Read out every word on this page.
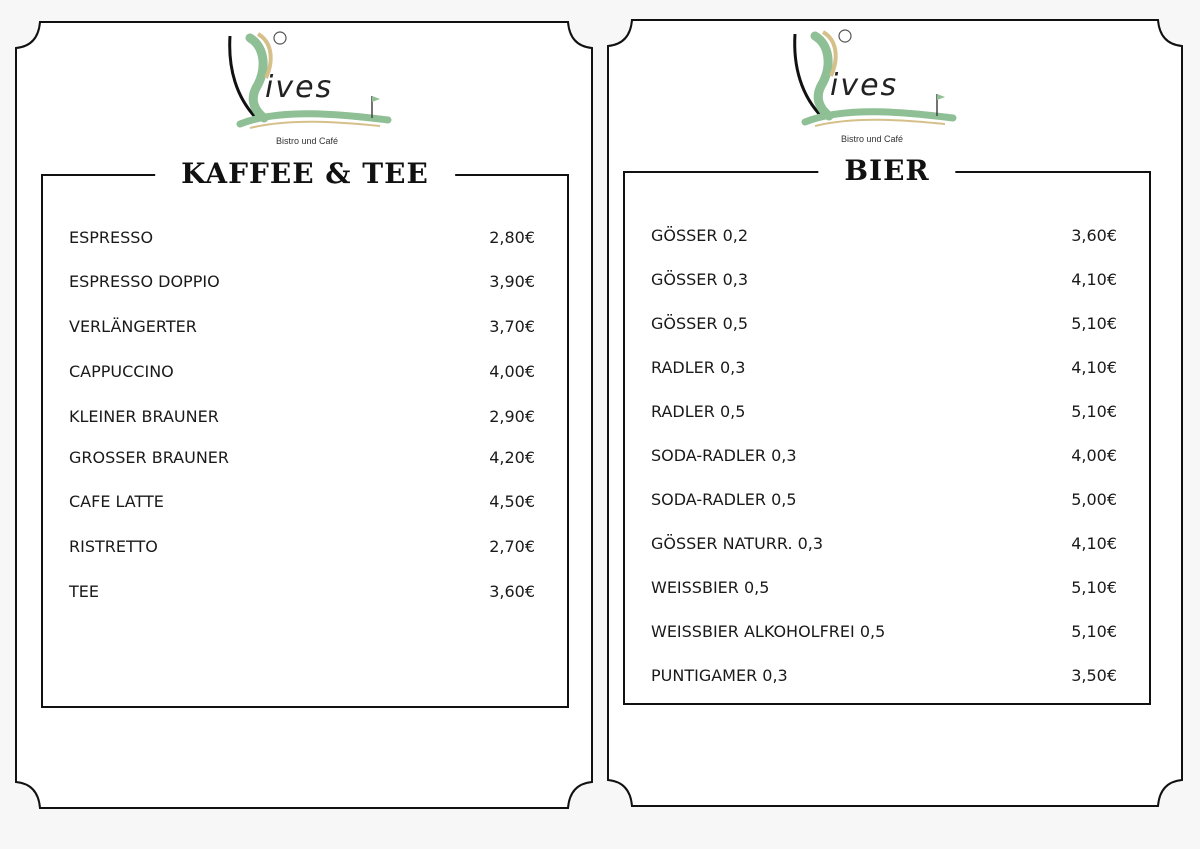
ives
Bistro und Café
KAFFEE & TEE
ESPRESSO	2,80€
ESPRESSO DOPPIO	3,90€
VERLÄNGERTER	3,70€
CAPPUCCINO	4,00€
KLEINER BRAUNER	2,90€
GROSSER BRAUNER	4,20€
CAFE LATTE	4,50€
RISTRETTO	2,70€
TEE	3,60€
ives
Bistro und Café
BIER
GÖSSER 0,2	3,60€
GÖSSER 0,3	4,10€
GÖSSER 0,5	5,10€
RADLER 0,3	4,10€
RADLER 0,5	5,10€
SODA-RADLER 0,3	4,00€
SODA-RADLER 0,5	5,00€
GÖSSER NATURR. 0,3	4,10€
WEISSBIER 0,5	5,10€
WEISSBIER ALKOHOLFREI 0,5	5,10€
PUNTIGAMER 0,3	3,50€
